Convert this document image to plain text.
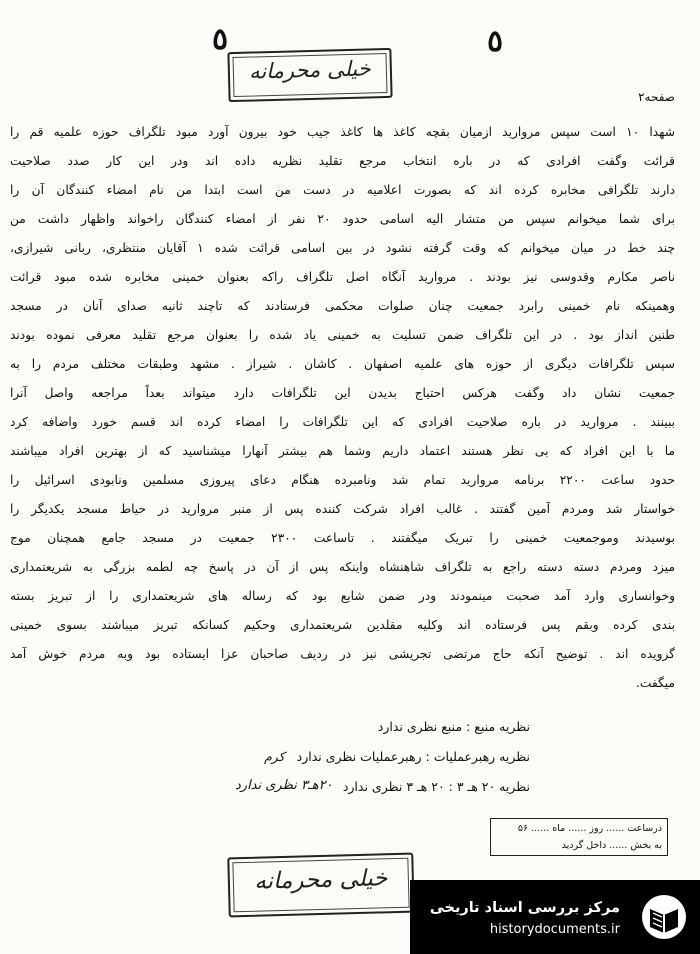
٥	٥
خیلی محرمانه
صفحه۲
شهدا ۱۰ است سپس مروارید ازمیان بقچه کاغذ ها کاغذ جیب خود بیرون آورد مبود تلگراف حوزه علمیه قم را
قرائت وگفت افرادی که در باره انتخاب مرجع تقلید نظریه داده اند ودر این کار صدد صلاحیت
دارند تلگرافی مخابره کرده اند که بصورت اعلامیه در دست من است ابتدا من نام امضاء کنندگان آن را
برای شما میخوانم سپس من متشار الیه اسامی حدود ۲۰ نفر از امضاء کنندگان راخواند واظهار داشت من
چند خط در میان میخوانم که وقت گرفته نشود در بین اسامی قرائت شده ۱ آقایان منتظری، ربانی شیرازی،
ناصر مکارم وقدوسی نیز بودند . مروارید آنگاه اصل تلگراف راکه بعنوان خمینی مخابره شده مبود قرائت
وهمینکه نام خمینی رابرد جمعیت چنان صلوات محکمی فرستادند که تاچند ثانیه صدای آنان در مسجد
طنین انداز بود . در این تلگراف ضمن تسلیت به خمینی یاد شده را بعنوان مرجع تقلید معرفی نموده بودند
سپس تلگرافات دیگری از حوزه های علمیه اصفهان . کاشان . شیراز . مشهد وطبقات مختلف مردم را به
جمعیت نشان داد وگفت هرکس احتیاج بدیدن این تلگرافات دارد میتواند بعداً مراجعه واصل آنرا
ببینند . مروارید در باره صلاحیت افرادی که این تلگرافات را امضاء کرده اند قسم خورد واضافه کرد
ما با این افراد که بی نظر هستند اعتماد داریم وشما هم بیشتر آنهارا میشناسید که از بهترین افراد میباشند
حدود ساعت ۲۲۰۰ برنامه مروارید تمام شد ونامبرده هنگام دعای پیروزی مسلمین ونابودی اسرائیل را
خواستار شد ومردم آمین گفتند . غالب افراد شرکت کننده پس از منبر مروارید در حیاط مسجد یکدیگر را
بوسیدند وموجمعیت خمینی را تبریک میگفتند . تاساعت ۲۳۰۰ جمعیت در مسجد جامع همچنان موج
میزد ومردم دسته دسته راجع به تلگراف شاهنشاه واینکه پس از آن در پاسخ چه لطمه بزرگی به شریعتمداری
وخوانساری وارد آمد صحبت مینمودند ودر ضمن شایع بود که رساله های شریعتمداری را از تبریز بسته
بندی کرده وبقم پس فرستاده اند وکلیه مقلدین شریعتمداری وحکیم کسانکه تبریز میباشند بسوی خمینی
گرویده اند . توضیح آنکه حاج مرتضی تجریشی نیز در ردیف صاحبان عزا ایستاده بود وبه مردم خوش آمد
میگفت.
نظریه منبع : منبع نظری ندارد
نظریه رهبرعملیات : رهبرعملیات نظری ندارد کرم
نظریه ۲۰ هـ ۳ : ۲۰ هـ ۳ نظری ندارد
۲۰هـ۳ نظری ندارد
درساعت ...... روز ...... ماه ...... ۵۶
به بخش ...... داخل گردید
خیلی محرمانه
مرکز بررسی اسناد تاریخی
historydocuments.ir
